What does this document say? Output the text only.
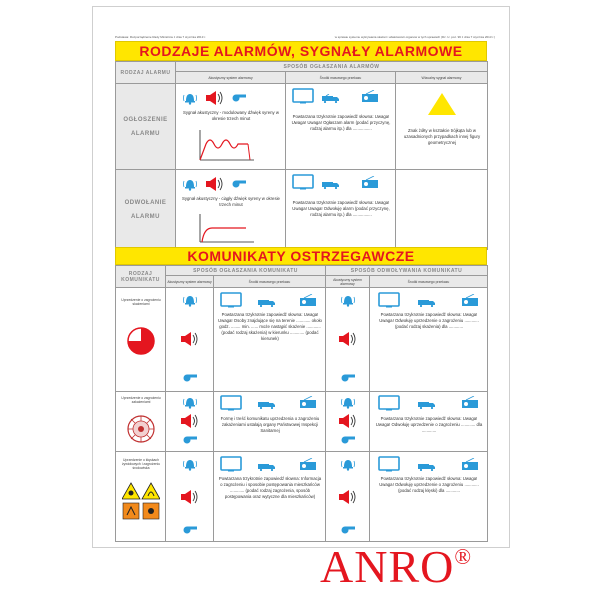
Podstawa: Rozporządzenie Rady Ministrów z dnia 7 stycznia 2013 r.	w sprawie systemu wykrywania skażeń i właściwości organów w tych sprawach (Dz. U. poz. 96 z dnia 7 stycznia 2013 r.)
RODZAJE ALARMÓW, SYGNAŁY ALARMOWE
RODZAJ ALARMU	SPOSÓB OGŁASZANIA ALARMÓW		

	Akustyczny system alarmowy	Środki masowego przekazu	Wizualny sygnał alarmowy

OGŁOSZENIE ALARMU	Sygnał akustyczny - modulowany dźwięk syreny w okresie trzech minut	Powtarzana trzykrotnie zapowiedź słowna: Uwaga! Uwaga! Uwaga! Ogłaszam alarm (podać przyczynę, rodzaj alarmu itp.) dla ................	Znak żółty w kształcie trójkąta lub w uzasadnionych przypadkach innej figury geometrycznej

ODWOŁANIE ALARMU	Sygnał akustyczny - ciągły dźwięk syreny w okresie trzech minut	Powtarzana trzykrotnie zapowiedź słowna: Uwaga! Uwaga! Uwaga! Odwołuję alarm (podać przyczynę, rodzaj alarmu itp.) dla ................	

KOMUNIKATY OSTRZEGAWCZE
RODZAJ KOMUNIKATU	SPOSÓB OGŁASZANIA KOMUNIKATU		SPOSÓB ODWOŁYWANIA KOMUNIKATU	

	Akustyczny system alarmowy	Środki masowego przekazu	Akustyczny system alarmowy	Środki masowego przekazu

Uprzedzenie o zagrożeniu skażeniami		Powtarzana trzykrotnie zapowiedź słowna: Uwaga! Uwaga! Osoby znajdujące się na terenie ............ około godz. ........ min. ...... może nastąpić skażenie ............ (podać rodzaj skażenia) w kierunku ............ (podać kierunek)		Powtarzana trzykrotnie zapowiedź słowna: Uwaga! Uwaga! Odwołuję uprzedzenie o zagrożeniu ............ (podać rodzaj skażenia) dla ............

Uprzedzenie o zagrożeniu zakażeniami		Formę i treść komunikatu uprzedzenia o zagrożeniu zakażeniami ustalają organy Państwowej Inspekcji Sanitarnej		Powtarzana trzykrotnie zapowiedź słowna: Uwaga! Uwaga! Odwołuję uprzedzenie o zagrożeniu ............ dla ............

Uprzedzenie o klęskach żywiołowych i zagrożeniu środowiska		Powtarzana trzykrotnie zapowiedź słowna: Informacja o zagrożeniu i sposobie postępowania mieszkańców ............ (podać rodzaj zagrożenia, sposób postępowania oraz wytyczne dla mieszkańców)		Powtarzana trzykrotnie zapowiedź słowna: Uwaga! Uwaga! Odwołuję uprzedzenie o zagrożeniu ............ (podać rodzaj klęski) dla ............
ANRO®
